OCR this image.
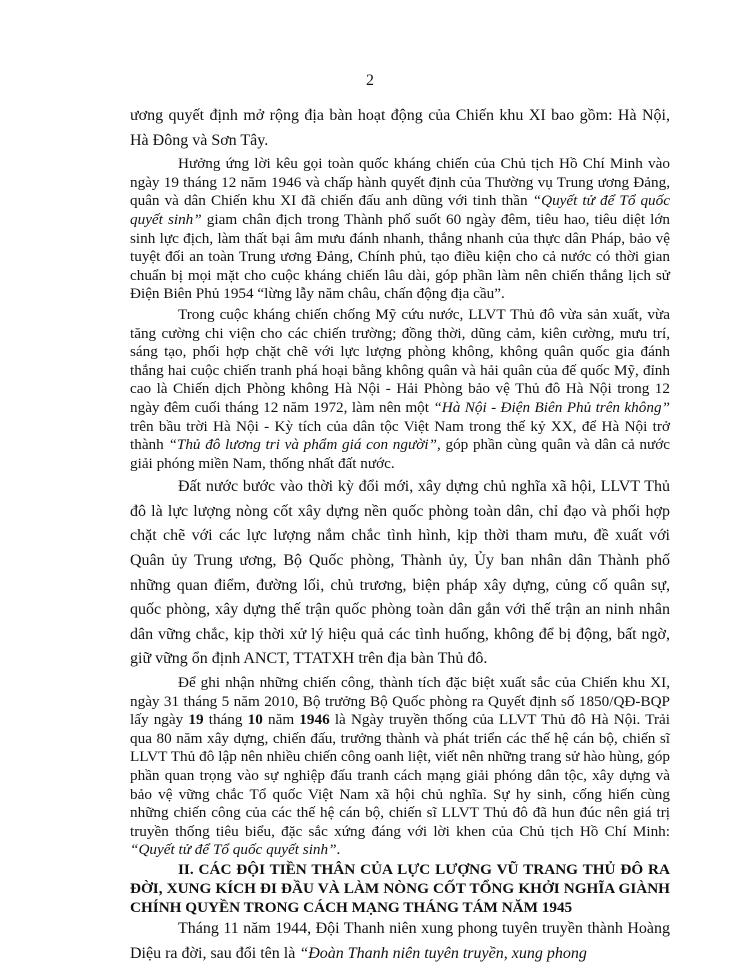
2

ương quyết định mở rộng địa bàn hoạt động của Chiến khu XI bao gồm: Hà Nội, Hà Đông và Sơn Tây.

Hưởng ứng lời kêu gọi toàn quốc kháng chiến của Chủ tịch Hồ Chí Minh vào ngày 19 tháng 12 năm 1946 và chấp hành quyết định của Thường vụ Trung ương Đảng, quân và dân Chiến khu XI đã chiến đấu anh dũng với tinh thần “Quyết tử để Tổ quốc quyết sinh” giam chân địch trong Thành phố suốt 60 ngày đêm, tiêu hao, tiêu diệt lớn sinh lực địch, làm thất bại âm mưu đánh nhanh, thắng nhanh của thực dân Pháp, bảo vệ tuyệt đối an toàn Trung ương Đảng, Chính phủ, tạo điều kiện cho cả nước có thời gian chuẩn bị mọi mặt cho cuộc kháng chiến lâu dài, góp phần làm nên chiến thắng lịch sử Điện Biên Phủ 1954 “lừng lẫy năm châu, chấn động địa cầu”.

Trong cuộc kháng chiến chống Mỹ cứu nước, LLVT Thủ đô vừa sản xuất, vừa tăng cường chi viện cho các chiến trường; đồng thời, dũng cảm, kiên cường, mưu trí, sáng tạo, phối hợp chặt chẽ với lực lượng phòng không, không quân quốc gia đánh thắng hai cuộc chiến tranh phá hoại bằng không quân và hải quân của đế quốc Mỹ, đỉnh cao là Chiến dịch Phòng không Hà Nội - Hải Phòng bảo vệ Thủ đô Hà Nội trong 12 ngày đêm cuối tháng 12 năm 1972, làm nên một “Hà Nội - Điện Biên Phủ trên không” trên bầu trời Hà Nội - Kỳ tích của dân tộc Việt Nam trong thế kỷ XX, để Hà Nội trở thành “Thủ đô lương tri và phẩm giá con người”, góp phần cùng quân và dân cả nước giải phóng miền Nam, thống nhất đất nước.

Đất nước bước vào thời kỳ đổi mới, xây dựng chủ nghĩa xã hội, LLVT Thủ đô là lực lượng nòng cốt xây dựng nền quốc phòng toàn dân, chỉ đạo và phối hợp chặt chẽ với các lực lượng nắm chắc tình hình, kịp thời tham mưu, đề xuất với Quân ủy Trung ương, Bộ Quốc phòng, Thành ủy, Ủy ban nhân dân Thành phố những quan điểm, đường lối, chủ trương, biện pháp xây dựng, củng cố quân sự, quốc phòng, xây dựng thế trận quốc phòng toàn dân gắn với thế trận an ninh nhân dân vững chắc, kịp thời xử lý hiệu quả các tình huống, không để bị động, bất ngờ, giữ vững ổn định ANCT, TTATXH trên địa bàn Thủ đô.

Để ghi nhận những chiến công, thành tích đặc biệt xuất sắc của Chiến khu XI, ngày 31 tháng 5 năm 2010, Bộ trưởng Bộ Quốc phòng ra Quyết định số 1850/QĐ-BQP lấy ngày 19 tháng 10 năm 1946 là Ngày truyền thống của LLVT Thủ đô Hà Nội. Trải qua 80 năm xây dựng, chiến đấu, trưởng thành và phát triển các thế hệ cán bộ, chiến sĩ LLVT Thủ đô lập nên nhiều chiến công oanh liệt, viết nên những trang sử hào hùng, góp phần quan trọng vào sự nghiệp đấu tranh cách mạng giải phóng dân tộc, xây dựng và bảo vệ vững chắc Tổ quốc Việt Nam xã hội chủ nghĩa. Sự hy sinh, cống hiến cùng những chiến công của các thế hệ cán bộ, chiến sĩ LLVT Thủ đô đã hun đúc nên giá trị truyền thống tiêu biểu, đặc sắc xứng đáng với lời khen của Chủ tịch Hồ Chí Minh: “Quyết tử để Tổ quốc quyết sinh”.

II. CÁC ĐỘI TIỀN THÂN CỦA LỰC LƯỢNG VŨ TRANG THỦ ĐÔ RA ĐỜI, XUNG KÍCH ĐI ĐẦU VÀ LÀM NÒNG CỐT TỔNG KHỞI NGHĨA GIÀNH CHÍNH QUYỀN TRONG CÁCH MẠNG THÁNG TÁM NĂM 1945

Tháng 11 năm 1944, Đội Thanh niên xung phong tuyên truyền thành Hoàng Diệu ra đời, sau đổi tên là “Đoàn Thanh niên tuyên truyền, xung phong
